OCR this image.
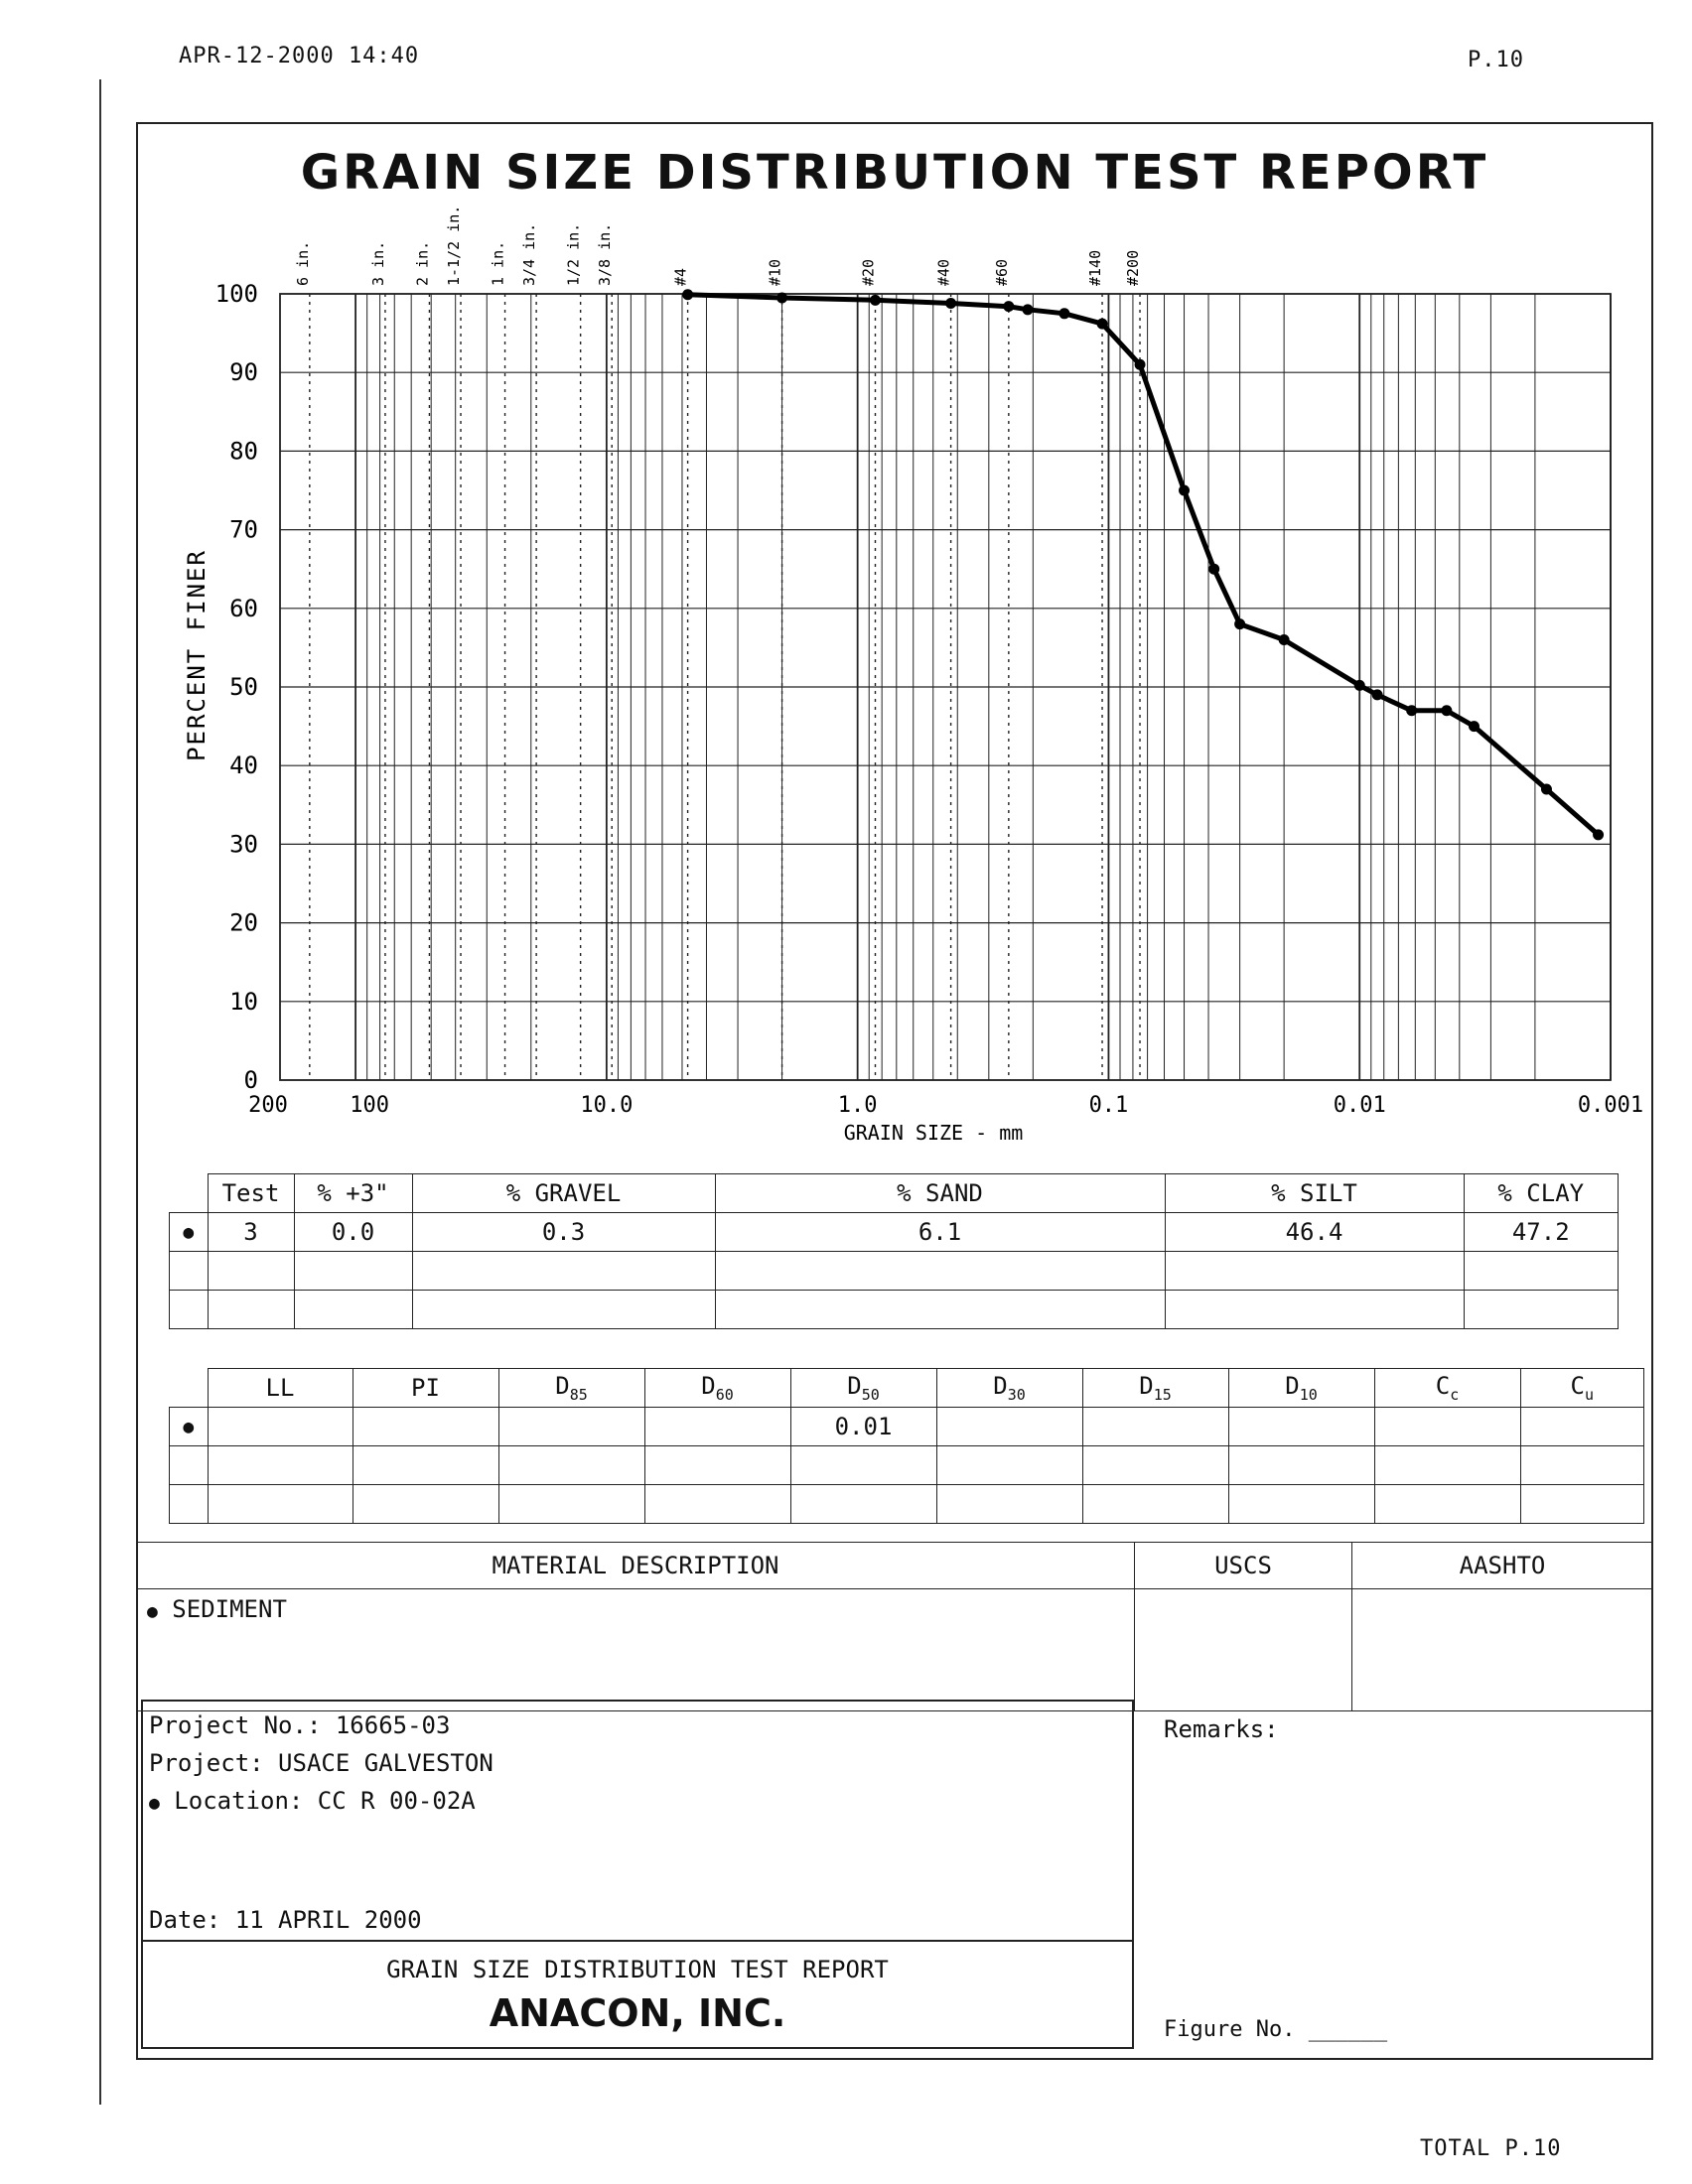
APR-12-2000 14:40	P.10
TOTAL P.10
GRAIN SIZE DISTRIBUTION TEST REPORT
6 in.	3 in. 2 in. 1-1/2 in. 1 in. 3/4 in. 1/2 in. 3/8 in.	#4	#10	#20	#40	#60	#140 #200
0
10
20
30
40
50
60
70
80
90
100
200	100	10.0	1.0	0.1	0.01	0.001
GRAIN SIZE - mm
PERCENT FINER
	Test	% +3"	% GRAVEL	% SAND	% SILT	% CLAY
●	3	0.0	0.3	6.1	46.4	47.2

	LL	PI	$D_{85}$	$D_{60}$	$D_{50}$	$D_{30}$	$D_{15}$	$D_{10}$	$C_c$	$C_u$
●					0.01					

MATERIAL DESCRIPTION	USCS	AASHTO
● SEDIMENT		
Project No.: 16665-03
Project: USACE GALVESTON
● Location: CC R 00-02A
Date: 11 APRIL 2000
GRAIN SIZE DISTRIBUTION TEST REPORT
ANACON, INC.
Remarks:
Figure No. ______
